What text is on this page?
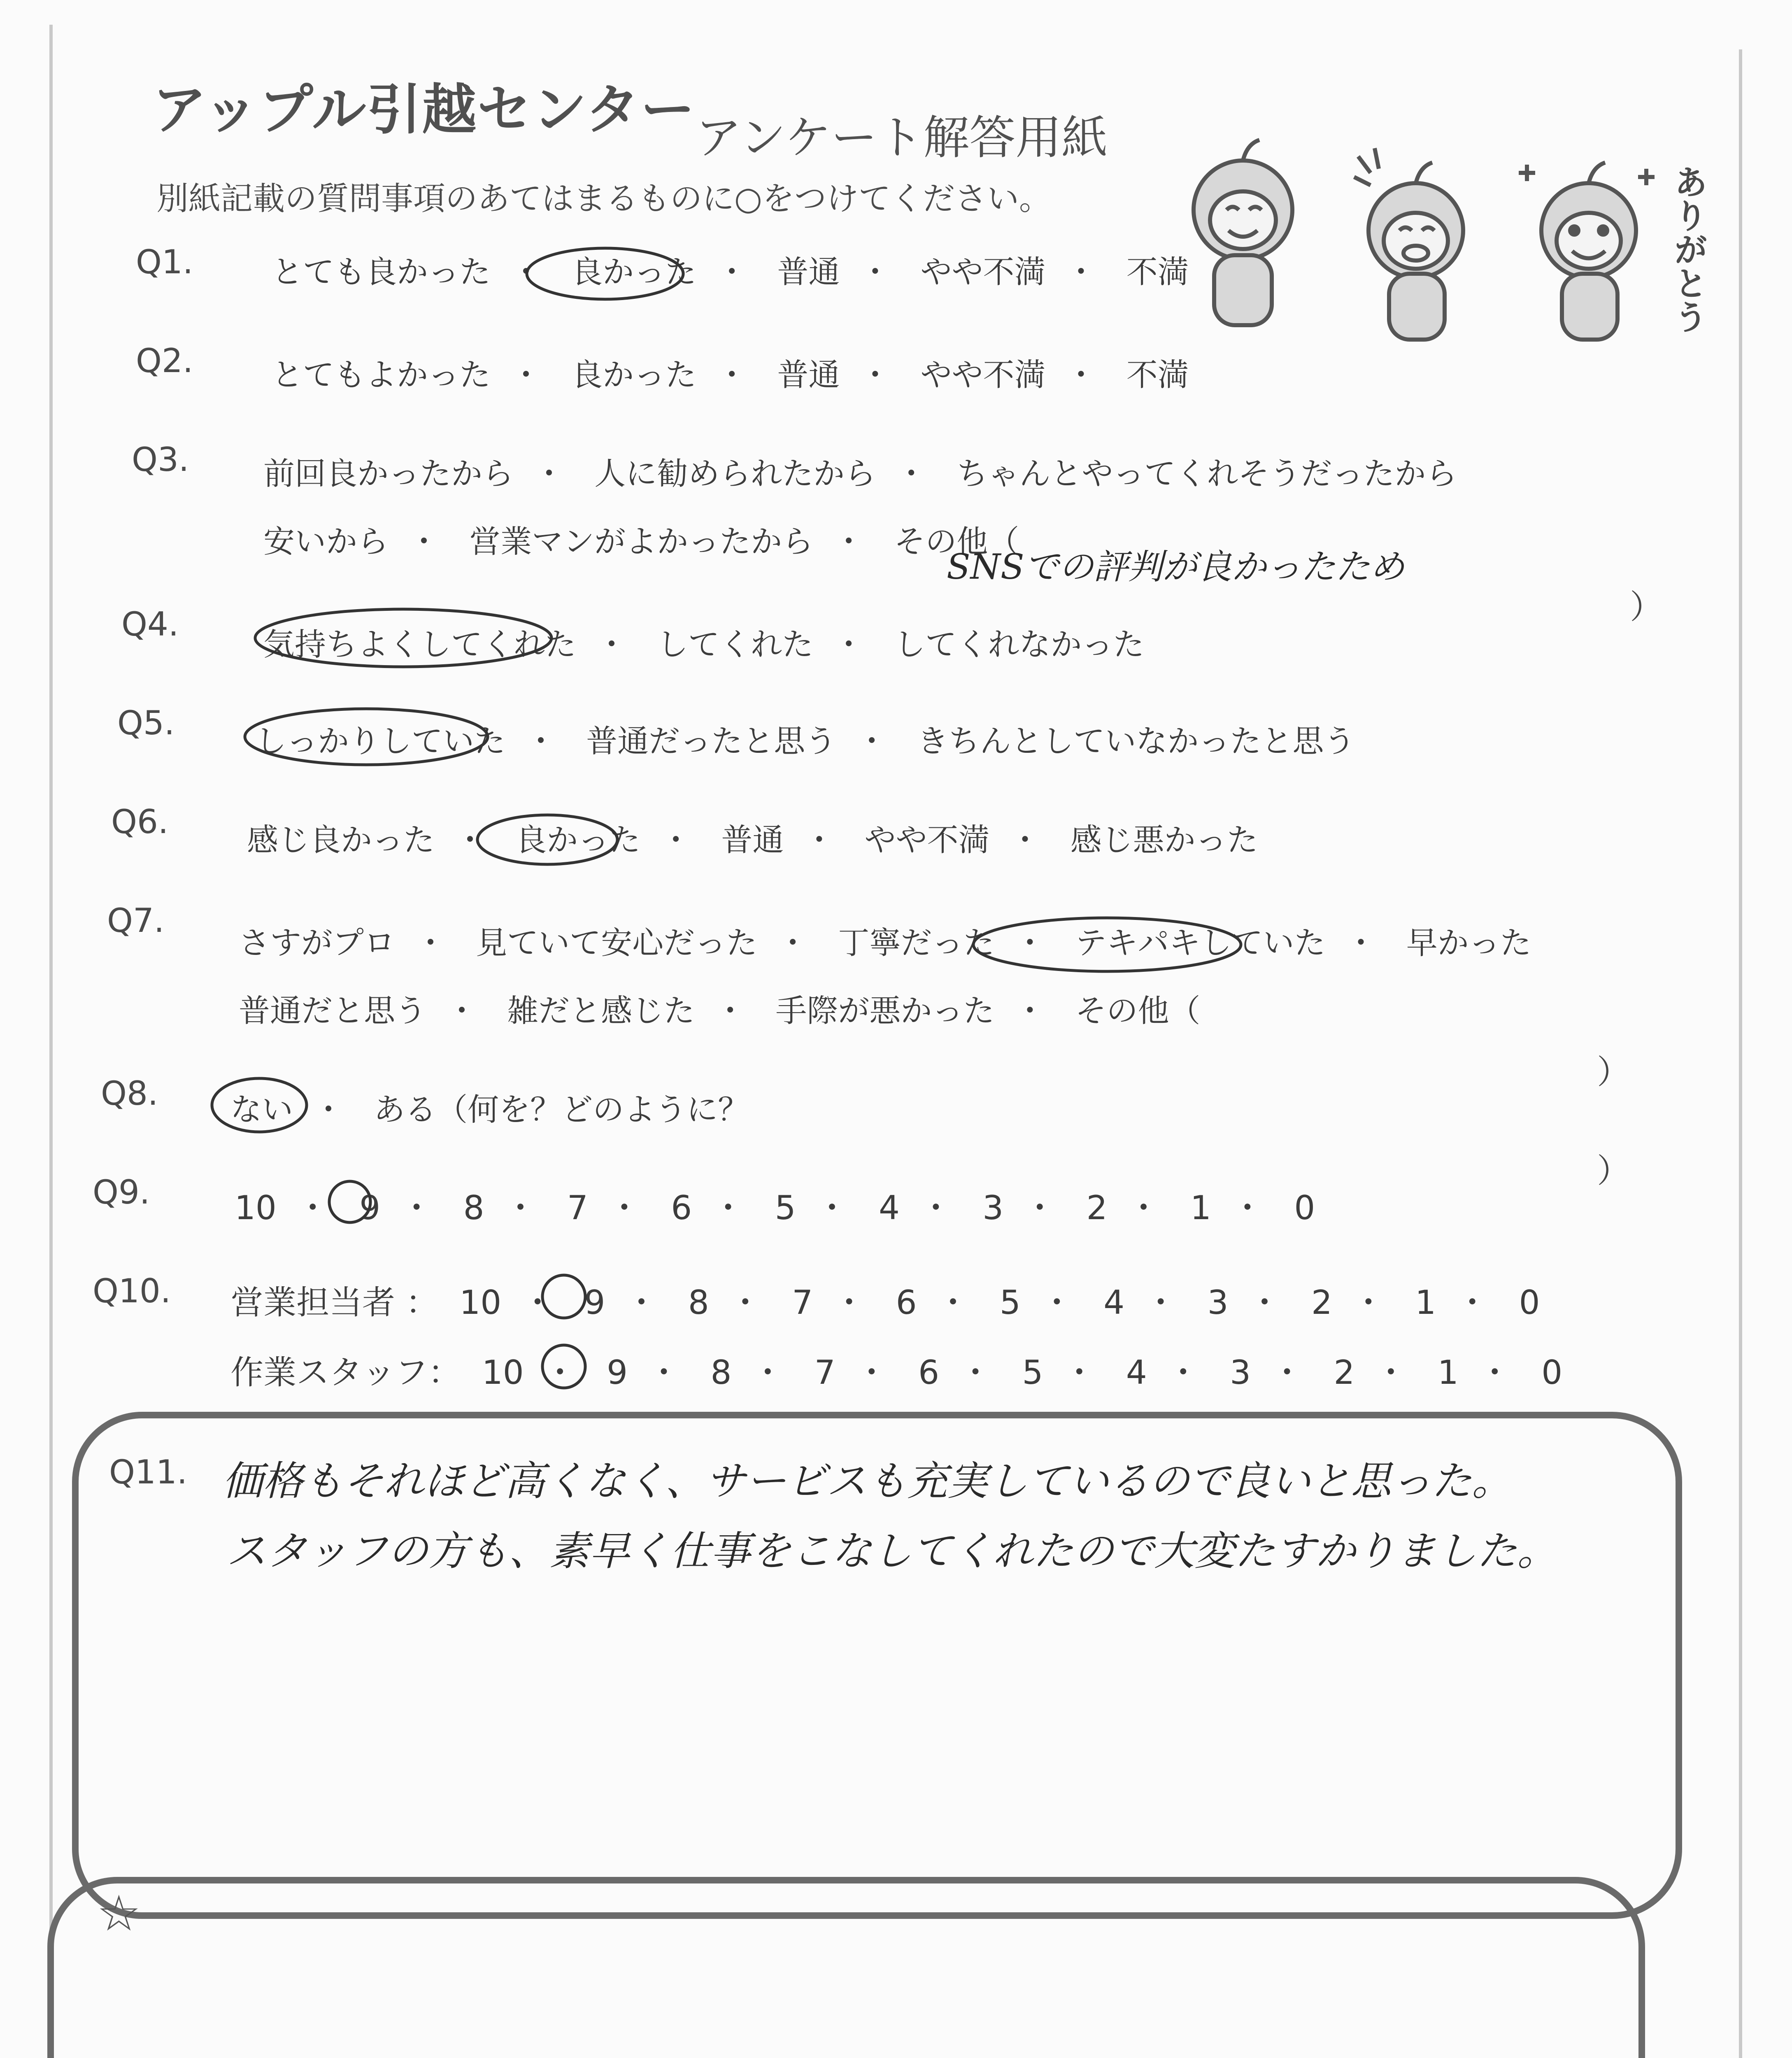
アップル引越センター アンケート解答用紙
別紙記載の質問事項のあてはまるものに○をつけてください。	ありがとう
Q1.	とても良かった ・ 良かった ・ 普通 ・ やや不満 ・ 不満
Q2.	とてもよかった ・ 良かった ・ 普通 ・ やや不満 ・ 不満
Q3. 前回良かったから ・ 人に勧められたから ・ ちゃんとやってくれそうだったから
安いから ・ 営業マンがよかったから ・ その他（
SNSでの評判が良かったため
）
Q4.
気持ちよくしてくれた ・ してくれた ・ してくれなかった
Q5.	しっかりしていた ・ 普通だったと思う ・ きちんとしていなかったと思う
Q6.	感じ良かった ・ 良かった ・ 普通 ・ やや不満 ・ 感じ悪かった
Q7.
さすがプロ ・ 見ていて安心だった ・ 丁寧だった ・ テキパキしていた ・ 早かった
普通だと思う ・ 雑だと感じた ・ 手際が悪かった ・ その他（
）
Q8. ない ・ ある（何を？どのように？
）
Q9.	10 ・ 9 ・ 8 ・ 7 ・ 6 ・ 5 ・ 4 ・ 3 ・ 2 ・ 1 ・ 0
Q10. 営業担当者 ： 10 ・ 9 ・ 8 ・ 7 ・ 6 ・ 5 ・ 4 ・ 3 ・ 2 ・ 1 ・ 0
作業スタッフ： 10 ・ 9 ・ 8 ・ 7 ・ 6 ・ 5 ・ 4 ・ 3 ・ 2 ・ 1 ・ 0
Q11. 価格もそれほど高くなく、サービスも充実しているので良いと思った。
スタッフの方も、素早く仕事をこなしてくれたので大変たすかりました。
☆
